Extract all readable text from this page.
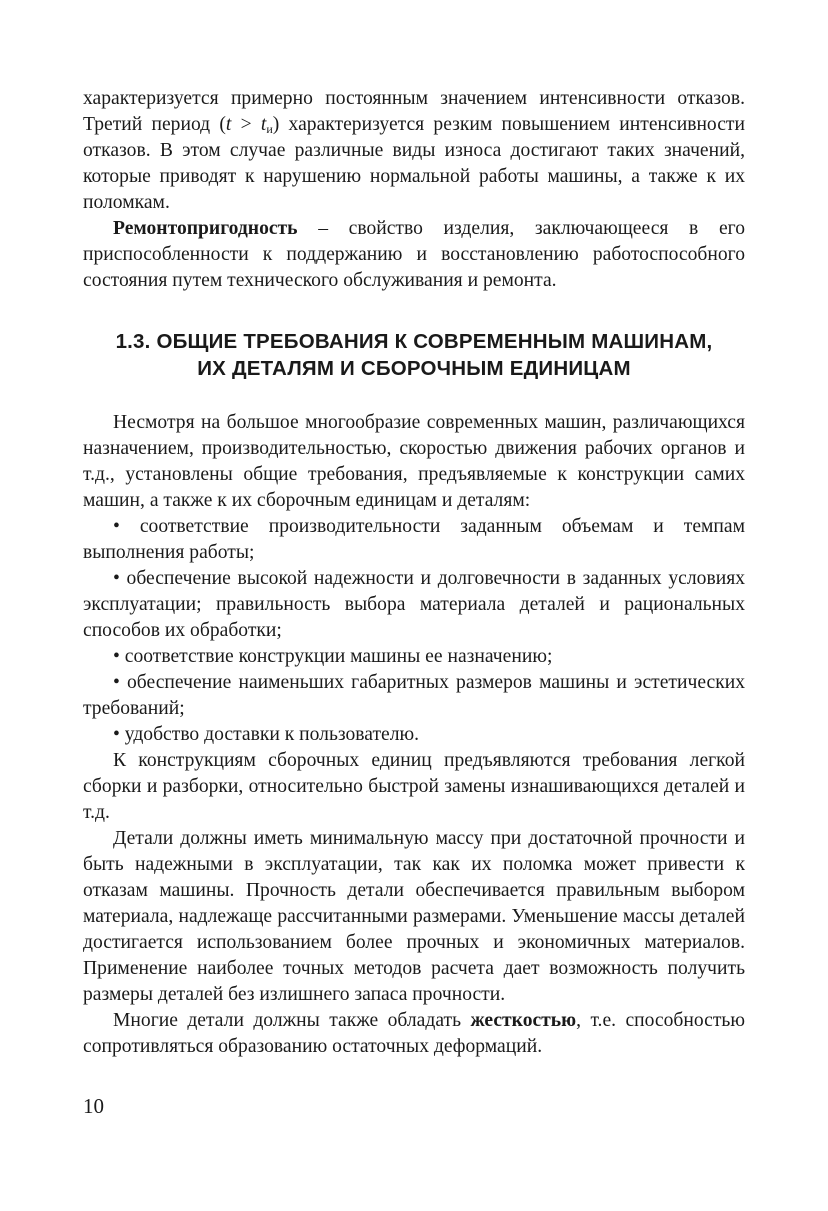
характеризуется примерно постоянным значением интенсивности отказов. Третий период $(t > t_и)$ характеризуется резким повышением интенсивности отказов. В этом случае различные виды износа достигают таких значений, которые приводят к нарушению нормальной работы машины, а также к их поломкам.

Ремонтопригодность – свойство изделия, заключающееся в его приспособленности к поддержанию и восстановлению работоспособного состояния путем технического обслуживания и ремонта.

1.3. ОБЩИЕ ТРЕБОВАНИЯ К СОВРЕМЕННЫМ МАШИНАМ,
ИХ ДЕТАЛЯМ И СБОРОЧНЫМ ЕДИНИЦАМ

Несмотря на большое многообразие современных машин, различающихся назначением, производительностью, скоростью движения рабочих органов и т.д., установлены общие требования, предъявляемые к конструкции самих машин, а также к их сборочным единицам и деталям:

• соответствие производительности заданным объемам и темпам выполнения работы;

• обеспечение высокой надежности и долговечности в заданных условиях эксплуатации; правильность выбора материала деталей и рациональных способов их обработки;

• соответствие конструкции машины ее назначению;

• обеспечение наименьших габаритных размеров машины и эстетических требований;

• удобство доставки к пользователю.

К конструкциям сборочных единиц предъявляются требования легкой сборки и разборки, относительно быстрой замены изнашивающихся деталей и т.д.

Детали должны иметь минимальную массу при достаточной прочности и быть надежными в эксплуатации, так как их поломка может привести к отказам машины. Прочность детали обеспечивается правильным выбором материала, надлежаще рассчитанными размерами. Уменьшение массы деталей достигается использованием более прочных и экономичных материалов. Применение наиболее точных методов расчета дает возможность получить размеры деталей без излишнего запаса прочности.

Многие детали должны также обладать жесткостью, т.е. способностью сопротивляться образованию остаточных деформаций.

10
